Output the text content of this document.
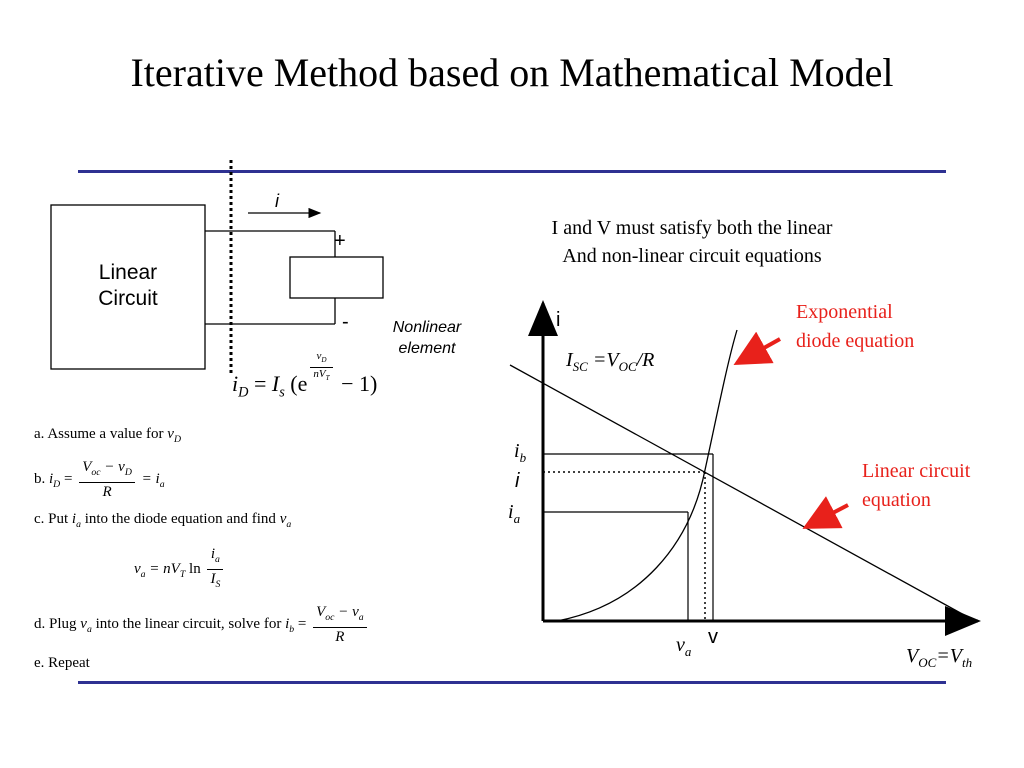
Iterative Method based on Mathematical Model
Linear
Circuit
i
+
-	Nonlinear
element
$i_D = I_s$ $(e \frac{v_D}{nV_T} - 1)$
a. Assume a value for $v_D$
b. $i_D = \frac{V_{oc} - v_D}{R} = i_a$
c. Put $i_a$ into the diode equation and find $v_a$
$v_a = nV_T$ $\ln \frac{i_a}{I_S}$
d. Plug $v_a$ into the linear circuit, solve for $i_b = \frac{V_{oc} - v_a}{R}$
e. Repeat
I and V must satisfy both the linear
And non-linear circuit equations
i
v
$I_{SC} =V_{OC}/R$
$i_b$
i
$i_a$
$v_a$	$V_{OC}=V_{th}$
Exponential
diode equation
Linear circuit
equation
